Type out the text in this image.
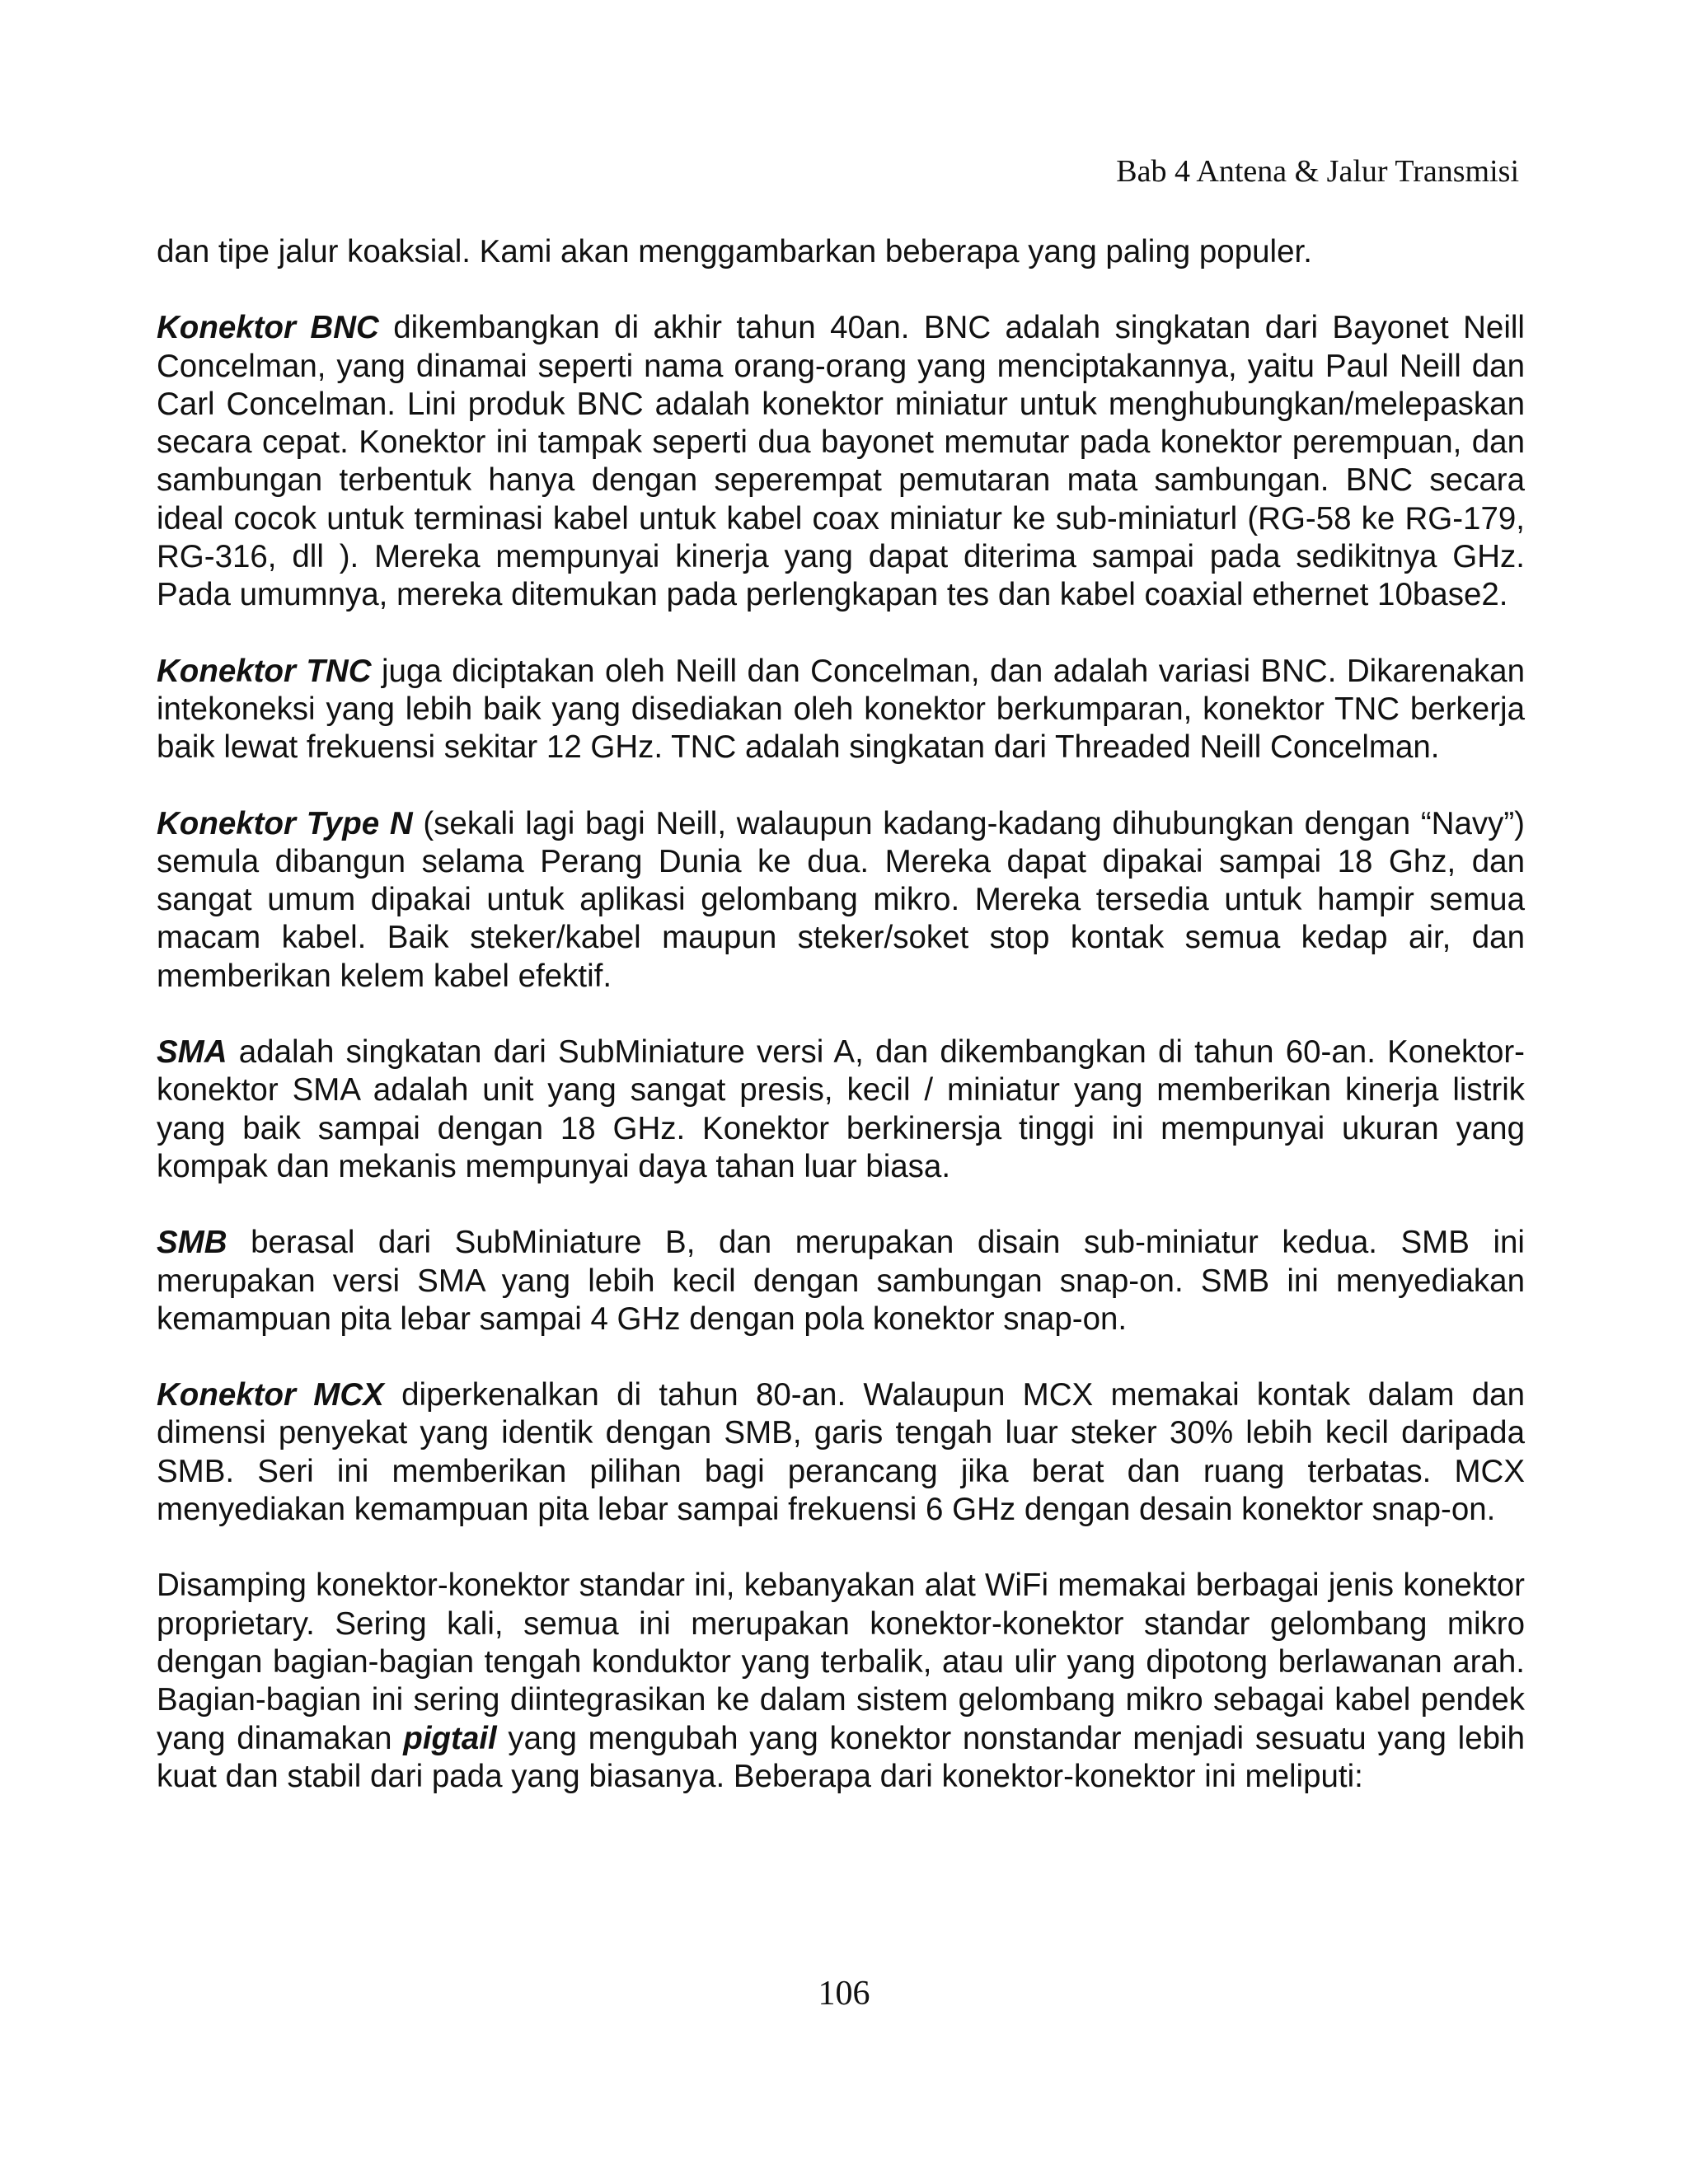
Bab 4 Antena & Jalur Transmisi

dan tipe jalur koaksial. Kami akan menggambarkan beberapa yang paling populer.

Konektor BNC dikembangkan di akhir tahun 40an. BNC adalah singkatan dari Bayonet Neill Concelman, yang dinamai seperti nama orang-orang yang menciptakannya, yaitu Paul Neill dan Carl Concelman. Lini produk BNC adalah konektor miniatur untuk menghubungkan/melepaskan secara cepat. Konektor ini tampak seperti dua bayonet memutar pada konektor perempuan, dan sambungan terbentuk hanya dengan seperempat pemutaran mata sambungan. BNC secara ideal cocok untuk terminasi kabel untuk kabel coax miniatur ke sub-miniaturl (RG-58 ke RG-179, RG-316, dll ). Mereka mempunyai kinerja yang dapat diterima sampai pada sedikitnya GHz. Pada umumnya, mereka ditemukan pada perlengkapan tes dan kabel coaxial ethernet 10base2.

Konektor TNC juga diciptakan oleh Neill dan Concelman, dan adalah variasi BNC. Dikarenakan intekoneksi yang lebih baik yang disediakan oleh konektor berkumparan, konektor TNC berkerja baik lewat frekuensi sekitar 12 GHz. TNC adalah singkatan dari Threaded Neill Concelman.

Konektor Type N (sekali lagi bagi Neill, walaupun kadang-kadang dihubungkan dengan “Navy”) semula dibangun selama Perang Dunia ke dua. Mereka dapat dipakai sampai 18 Ghz, dan sangat umum dipakai untuk aplikasi gelombang mikro. Mereka tersedia untuk hampir semua macam kabel. Baik steker/kabel maupun steker/soket stop kontak semua kedap air, dan memberikan kelem kabel efektif.

SMA adalah singkatan dari SubMiniature versi A, dan dikembangkan di tahun 60-an. Konektor-konektor SMA adalah unit yang sangat presis, kecil / miniatur yang memberikan kinerja listrik yang baik sampai dengan 18 GHz. Konektor berkinersja tinggi ini mempunyai ukuran yang kompak dan mekanis mempunyai daya tahan luar biasa.

SMB berasal dari SubMiniature B, dan merupakan disain sub-miniatur kedua. SMB ini merupakan versi SMA yang lebih kecil dengan sambungan snap-on. SMB ini menyediakan kemampuan pita lebar sampai 4 GHz dengan pola konektor snap-on.

Konektor MCX diperkenalkan di tahun 80-an. Walaupun MCX memakai kontak dalam dan dimensi penyekat yang identik dengan SMB, garis tengah luar steker 30% lebih kecil daripada SMB. Seri ini memberikan pilihan bagi perancang jika berat dan ruang terbatas. MCX menyediakan kemampuan pita lebar sampai frekuensi 6 GHz dengan desain konektor snap-on.

Disamping konektor-konektor standar ini, kebanyakan alat WiFi memakai berbagai jenis konektor proprietary. Sering kali, semua ini merupakan konektor-konektor standar gelombang mikro dengan bagian-bagian tengah konduktor yang terbalik, atau ulir yang dipotong berlawanan arah. Bagian-bagian ini sering diintegrasikan ke dalam sistem gelombang mikro sebagai kabel pendek yang dinamakan pigtail yang mengubah yang konektor nonstandar menjadi sesuatu yang lebih kuat dan stabil dari pada yang biasanya. Beberapa dari konektor-konektor ini meliputi:

106
